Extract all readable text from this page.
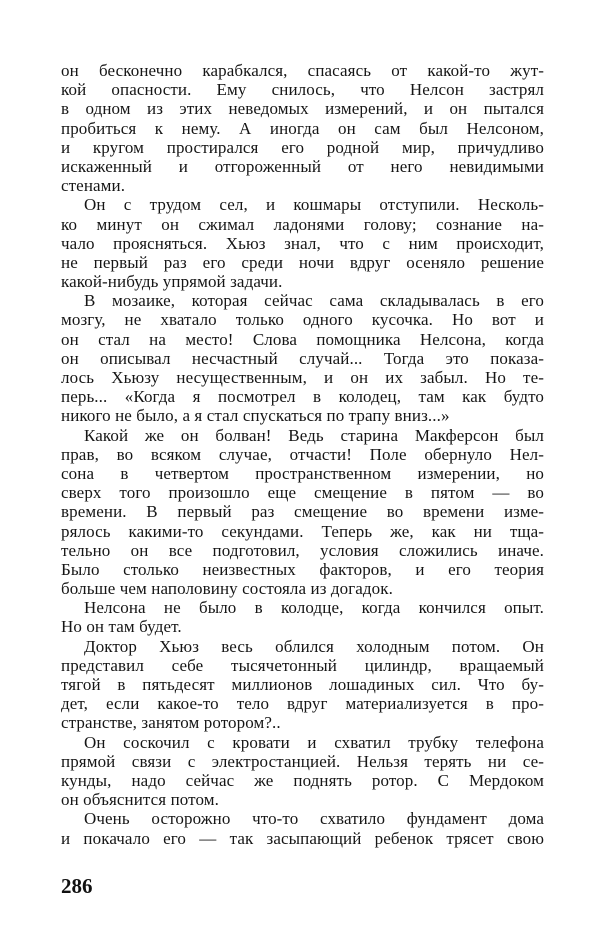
он бесконечно карабкался, спасаясь от какой-то жут-
кой опасности. Ему снилось, что Нелсон застрял
в одном из этих неведомых измерений, и он пытался
пробиться к нему. А иногда он сам был Нелсоном,
и кругом простирался его родной мир, причудливо
искаженный и отгороженный от него невидимыми
стенами.
Он с трудом сел, и кошмары отступили. Несколь-
ко минут он сжимал ладонями голову; сознание на-
чало проясняться. Хьюз знал, что с ним происходит,
не первый раз его среди ночи вдруг осеняло решение
какой-нибудь упрямой задачи.
В мозаике, которая сейчас сама складывалась в его
мозгу, не хватало только одного кусочка. Но вот и
он стал на место! Слова помощника Нелсона, когда
он описывал несчастный случай... Тогда это показа-
лось Хьюзу несущественным, и он их забыл. Но те-
перь... «Когда я посмотрел в колодец, там как будто
никого не было, а я стал спускаться по трапу вниз...»
Какой же он болван! Ведь старина Макферсон был
прав, во всяком случае, отчасти! Поле обернуло Нел-
сона в четвертом пространственном измерении, но
сверх того произошло еще смещение в пятом — во
времени. В первый раз смещение во времени изме-
рялось какими-то секундами. Теперь же, как ни тща-
тельно он все подготовил, условия сложились иначе.
Было столько неизвестных факторов, и его теория
больше чем наполовину состояла из догадок.
Нелсона не было в колодце, когда кончился опыт.
Но он там будет.
Доктор Хьюз весь облился холодным потом. Он
представил себе тысячетонный цилиндр, вращаемый
тягой в пятьдесят миллионов лошадиных сил. Что бу-
дет, если какое-то тело вдруг материализуется в про-
странстве, занятом ротором?..
Он соскочил с кровати и схватил трубку телефона
прямой связи с электростанцией. Нельзя терять ни се-
кунды, надо сейчас же поднять ротор. С Мердоком
он объяснится потом.
Очень осторожно что-то схватило фундамент дома
и покачало его — так засыпающий ребенок трясет свою
286
